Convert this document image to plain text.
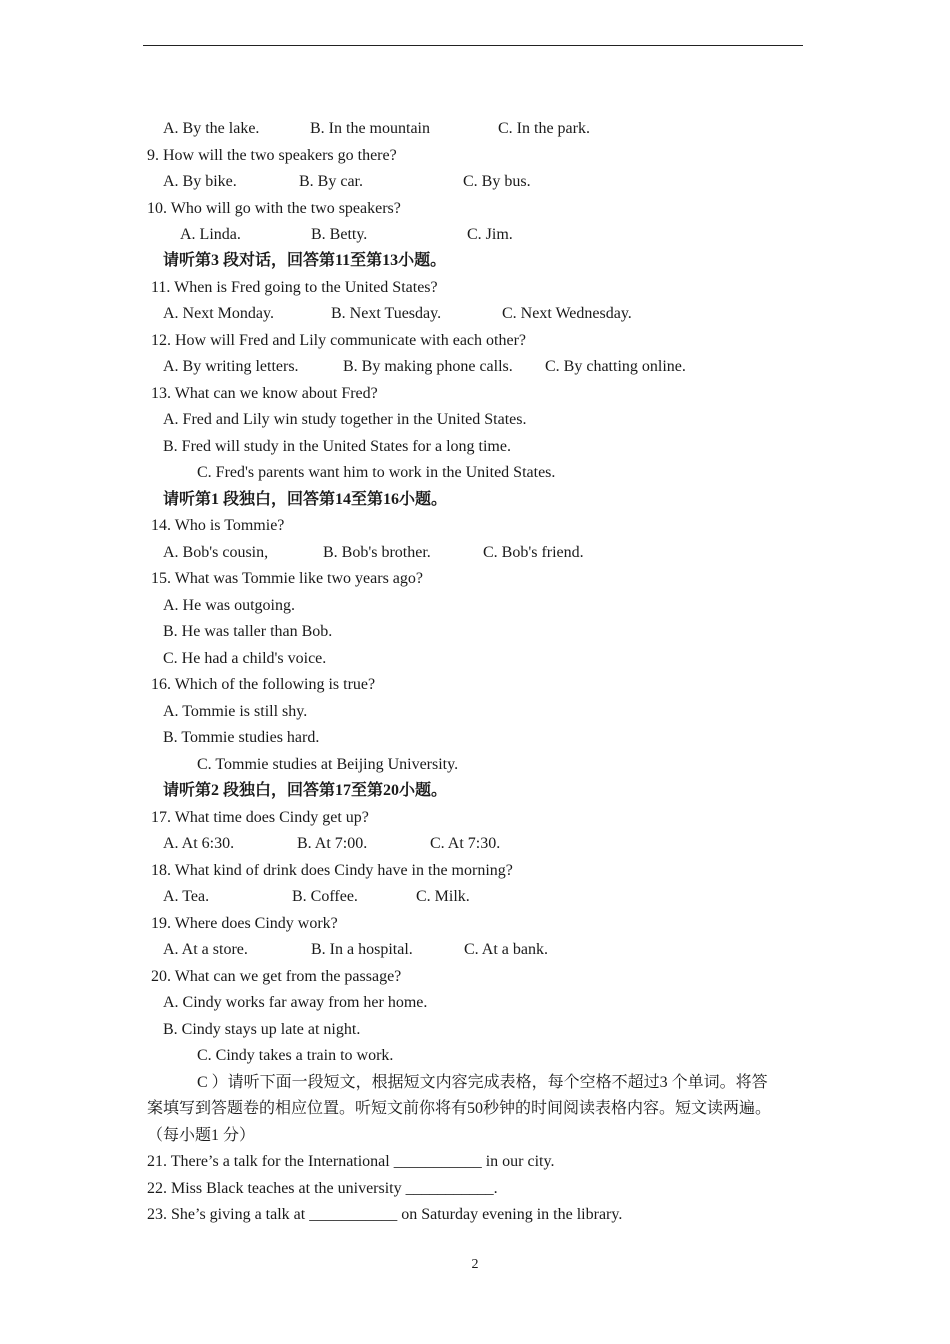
A. By the lake.	B. In the mountain	C. In the park.
9. How will the two speakers go there?
A. By bike.	B. By car.	C. By bus.
10. Who will go with the two speakers?
A. Linda.	B. Betty.	C. Jim.
请听第3 段对话，回答第11至第13小题。
11. When is Fred going to the United States?
A. Next Monday.	B. Next Tuesday.	C. Next Wednesday.
12. How will Fred and Lily communicate with each other?
A. By writing letters.	B. By making phone calls. C. By chatting online.
13. What can we know about Fred?
A. Fred and Lily win study together in the United States.
B. Fred will study in the United States for a long time.
C. Fred's parents want him to work in the United States.
请听第1 段独白，回答第14至第16小题。
14. Who is Tommie?
A. Bob's cousin,	B. Bob's brother.	C. Bob's friend.
15. What was Tommie like two years ago?
A. He was outgoing.
B. He was taller than Bob.
C. He had a child's voice.
16. Which of the following is true?
A. Tommie is still shy.
B. Tommie studies hard.
C. Tommie studies at Beijing University.
请听第2 段独白，回答第17至第20小题。
17. What time does Cindy get up?
A. At 6:30.	B. At 7:00.	C. At 7:30.
18. What kind of drink does Cindy have in the morning?
A. Tea.	B. Coffee.	C. Milk.
19. Where does Cindy work?
A. At a store.	B. In a hospital.	C. At a bank.
20. What can we get from the passage?
A. Cindy works far away from her home.
B. Cindy stays up late at night.
C. Cindy takes a train to work.
C ）请听下面一段短文，根据短文内容完成表格，每个空格不超过3 个单词。将答
案填写到答题卷的相应位置。听短文前你将有50秒钟的时间阅读表格内容。短文读两遍。
（每小题1 分）
21. There’s a talk for the International ___________ in our city.
22. Miss Black teaches at the university ___________.
23. She’s giving a talk at ___________ on Saturday evening in the library.
2
